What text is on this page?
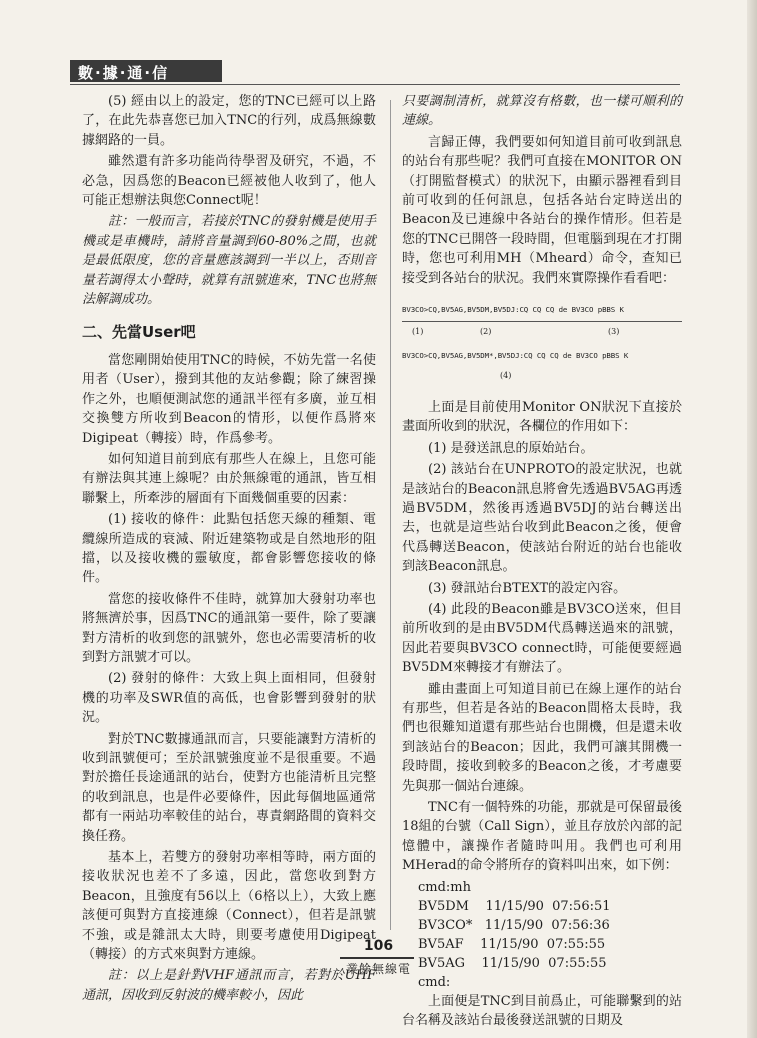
數·據·通·信

(5) 經由以上的設定，您的TNC已經可以上路了，在此先恭喜您已加入TNC的行列，成爲無線數據網路的一員。

雖然還有許多功能尚待學習及研究，不過，不必急，因爲您的Beacon已經被他人收到了，他人可能正想辦法與您Connect呢！

註：一般而言，若接於TNC的發射機是使用手機或是車機時，請將音量調到60-80%之間，也就是最低限度，您的音量應該調到一半以上，否則音量若調得太小聲時，就算有訊號進來，TNC也將無法解調成功。

二、先當User吧

當您剛開始使用TNC的時候，不妨先當一名使用者（User），撥到其他的友站參觀；除了練習操作之外，也順便測試您的通訊半徑有多廣，並互相交換雙方所收到Beacon的情形，以便作爲將來Digipeat（轉接）時，作爲參考。

如何知道目前到底有那些人在線上，且您可能有辦法與其連上線呢？由於無線電的通訊，皆互相聯繫上，所牽涉的層面有下面幾個重要的因素：

(1) 接收的條件：此點包括您天線的種類、電纜線所造成的衰減、附近建築物或是自然地形的阻擋，以及接收機的靈敏度，都會影響您接收的條件。

當您的接收條件不佳時，就算加大發射功率也將無濟於事，因爲TNC的通訊第一要件，除了要讓對方清析的收到您的訊號外，您也必需要清析的收到對方訊號才可以。

(2) 發射的條件：大致上與上面相同，但發射機的功率及SWR值的高低，也會影響到發射的狀況。

對於TNC數據通訊而言，只要能讓對方清析的收到訊號便可；至於訊號強度並不是很重要。不過對於擔任長途通訊的站台，使對方也能清析且完整的收到訊息，也是件必要條件，因此每個地區通常都有一兩站功率較佳的站台，專責網路間的資料交換任務。

基本上，若雙方的發射功率相等時，兩方面的接收狀況也差不了多遠，因此，當您收到對方Beacon，且強度有56以上（6格以上），大致上應該便可與對方直接連線（Connect），但若是訊號不強，或是雜訊太大時，則要考慮使用Digipeat（轉接）的方式來與對方連線。

註：以上是針對VHF通訊而言，若對於UHF通訊，因收到反射波的機率較小，因此

只要調制清析，就算沒有格數，也一樣可順利的連線。

言歸正傳，我們要如何知道目前可收到訊息的站台有那些呢？我們可直接在MONITOR ON（打開監督模式）的狀況下，由顯示器裡看到目前可收到的任何訊息，包括各站台定時送出的Beacon及已連線中各站台的操作情形。但若是您的TNC已開啓一段時間，但電腦到現在才打開時，您也可利用MH（Mheard）命令，查知已接受到各站台的狀況。我們來實際操作看看吧：

BV3CO>CQ,BV5AG,BV5DM,BV5DJ:CQ CQ CQ de BV3CO pBBS K
(1)	(2)	(3)
BV3CO>CQ,BV5AG,BV5DM*,BV5DJ:CQ CQ CQ de BV3CO pBBS K
(4)

上面是目前使用Monitor ON狀況下直接於畫面所收到的狀況，各欄位的作用如下：

(1) 是發送訊息的原始站台。

(2) 該站台在UNPROTO的設定狀況，也就是該站台的Beacon訊息將會先透過BV5AG再透過BV5DM，然後再透過BV5DJ的站台轉送出去，也就是這些站台收到此Beacon之後，便會代爲轉送Beacon，使該站台附近的站台也能收到該Beacon訊息。

(3) 發訊站台BTEXT的設定內容。

(4) 此段的Beacon雖是BV3CO送來，但目前所收到的是由BV5DM代爲轉送過來的訊號，因此若要與BV3CO connect時，可能便要經過BV5DM來轉接才有辦法了。

雖由畫面上可知道目前已在線上運作的站台有那些，但若是各站的Beacon間格太長時，我們也很難知道還有那些站台也開機，但是還未收到該站台的Beacon；因此，我們可讓其開機一段時間，接收到較多的Beacon之後，才考慮要先與那一個站台連線。

TNC有一個特殊的功能，那就是可保留最後18組的台號（Call Sign），並且存放於內部的記憶體中，讓操作者隨時叫用。我們也可利用MHerad的命令將所存的資料叫出來，如下例：

cmd:mh
BV5DM    11/15/90  07:56:51
BV3CO*   11/15/90  07:56:36
BV5AF    11/15/90  07:55:55
BV5AG    11/15/90  07:55:55
cmd:

上面便是TNC到目前爲止，可能聯繫到的站台名稱及該站台最後發送訊號的日期及

106
業餘無線電
